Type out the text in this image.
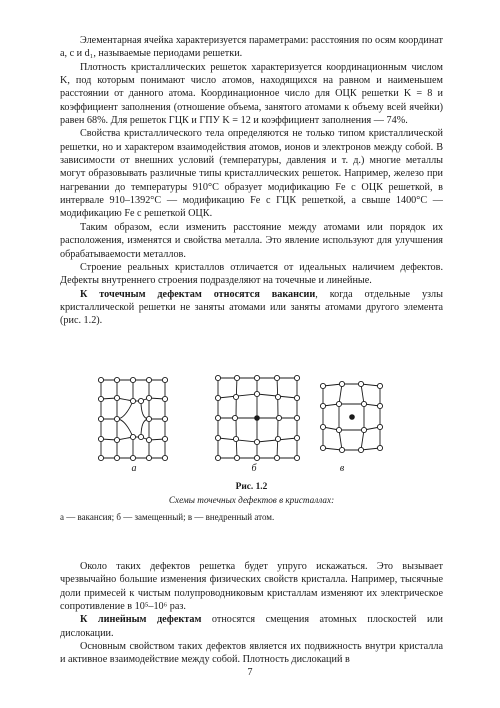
Элементарная ячейка характеризуется параметрами: расстояния по осям координат a, c и d₁, называемые периодами решетки.

Плотность кристаллических решеток характеризуется координационным числом K, под которым понимают число атомов, находящихся на равном и наименьшем расстоянии от данного атома. Координационное число для ОЦК решетки K = 8 и коэффициент заполнения (отношение объема, занятого атомами к объему всей ячейки) равен 68%. Для решеток ГЦК и ГПУ K = 12 и коэффициент заполнения — 74%.

Свойства кристаллического тела определяются не только типом кристаллической решетки, но и характером взаимодействия атомов, ионов и электронов между собой. В зависимости от внешних условий (температуры, давления и т. д.) многие металлы могут образовывать различные типы кристаллических решеток. Например, железо при нагревании до температуры 910°С образует модификацию Fe с ОЦК решеткой, в интервале 910–1392°С — модификацию Fe с ГЦК решеткой, а свыше 1400°С — модификацию Fe с решеткой ОЦК.

Таким образом, если изменить расстояние между атомами или порядок их расположения, изменятся и свойства металла. Это явление используют для улучшения обрабатываемости металлов.

Строение реальных кристаллов отличается от идеальных наличием дефектов. Дефекты внутреннего строения подразделяют на точечные и линейные.

К точечным дефектам относятся вакансии, когда отдельные узлы кристаллической решетки не заняты атомами или заняты атомами другого элемента (рис. 1.2).

а	б	в
Рис. 1.2
Схемы точечных дефектов в кристаллах:
а — вакансия; б — замещенный; в — внедренный атом.

Около таких дефектов решетка будет упруго искажаться. Это вызывает чрезвычайно большие изменения физических свойств кристалла. Например, тысячные доли примесей к чистым полупроводниковым кристаллам изменяют их электрическое сопротивление в 10⁵–10⁶ раз.

К линейным дефектам относятся смещения атомных плоскостей или дислокации.

Основным свойством таких дефектов является их подвижность внутри кристалла и активное взаимодействие между собой. Плотность дислокаций в

7
